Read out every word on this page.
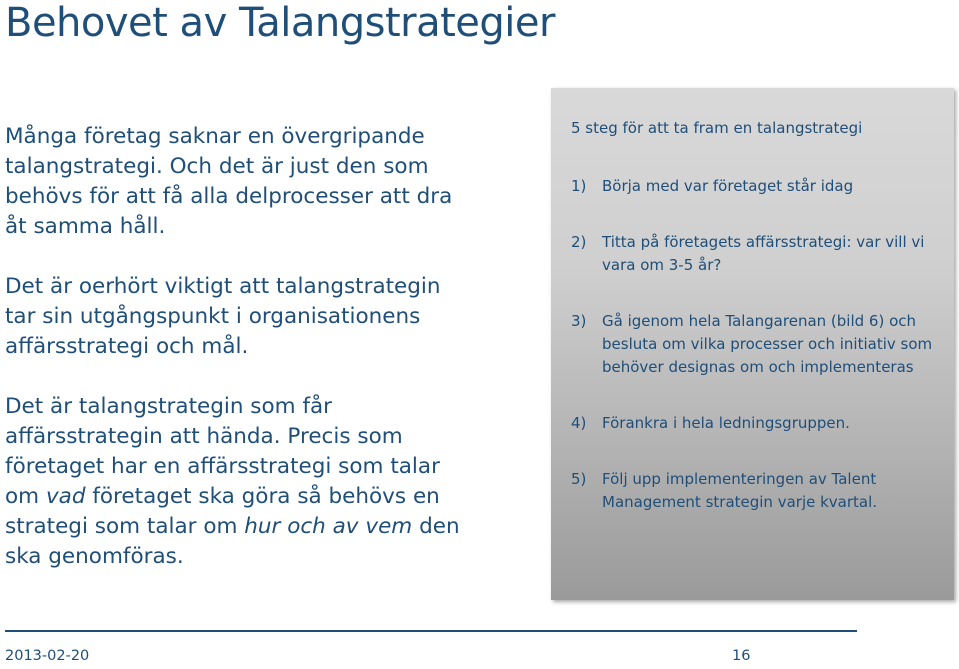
Behovet av Talangstrategier

Många företag saknar en övergripande talangstrategi. Och det är just den som behövs för att få alla delprocesser att dra åt samma håll.

Det är oerhört viktigt att talangstrategin tar sin utgångspunkt i organisationens affärsstrategi och mål.

Det är talangstrategin som får affärsstrategin att hända. Precis som företaget har en affärsstrategi som talar om vad företaget ska göra så behövs en strategi som talar om hur och av vem den ska genomföras.

5 steg för att ta fram en talangstrategi
1)	Börja med var företaget står idag
2)	Titta på företagets affärsstrategi: var vill vi vara om 3-5 år?
3)	Gå igenom hela Talangarenan (bild 6) och besluta om vilka processer och initiativ som behöver designas om och implementeras
4)	Förankra i hela ledningsgruppen.
5)	Följ upp implementeringen av Talent Management strategin varje kvartal.
2013-02-20	16
